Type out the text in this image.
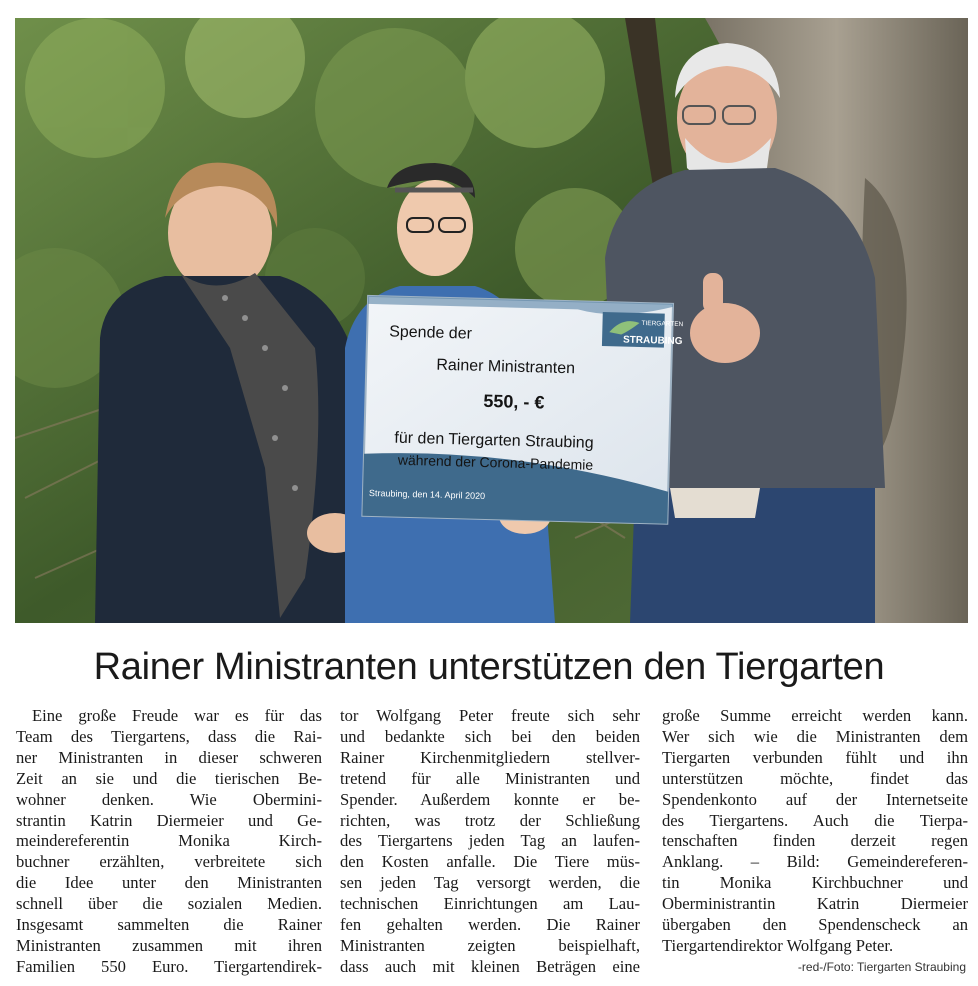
TIERGARTEN
STRAUBING
Spende der
Rainer Ministranten
550, - €
für den Tiergarten Straubing
während der Corona-Pandemie
Straubing, den 14. April 2020
Rainer Ministranten unterstützen den Tiergarten
Eine große Freude war es für das
Team des Tiergartens, dass die Rai-
ner Ministranten in dieser schweren
Zeit an sie und die tierischen Be-
wohner denken. Wie Obermini-
strantin Katrin Diermeier und Ge-
meindereferentin Monika Kirch-
buchner erzählten, verbreitete sich
die Idee unter den Ministranten
schnell über die sozialen Medien.
Insgesamt sammelten die Rainer
Ministranten zusammen mit ihren
Familien 550 Euro. Tiergartendirek-
tor Wolfgang Peter freute sich sehr
und bedankte sich bei den beiden
Rainer Kirchenmitgliedern stellver-
tretend für alle Ministranten und
Spender. Außerdem konnte er be-
richten, was trotz der Schließung
des Tiergartens jeden Tag an laufen-
den Kosten anfalle. Die Tiere müs-
sen jeden Tag versorgt werden, die
technischen Einrichtungen am Lau-
fen gehalten werden. Die Rainer
Ministranten zeigten beispielhaft,
dass auch mit kleinen Beträgen eine
große Summe erreicht werden kann.
Wer sich wie die Ministranten dem
Tiergarten verbunden fühlt und ihn
unterstützen möchte, findet das
Spendenkonto auf der Internetseite
des Tiergartens. Auch die Tierpa-
tenschaften finden derzeit regen
Anklang. – Bild: Gemeindereferen-
tin Monika Kirchbuchner und
Oberministrantin Katrin Diermeier
übergaben den Spendenscheck an
Tiergartendirektor Wolfgang Peter.
-red-/Foto: Tiergarten Straubing
